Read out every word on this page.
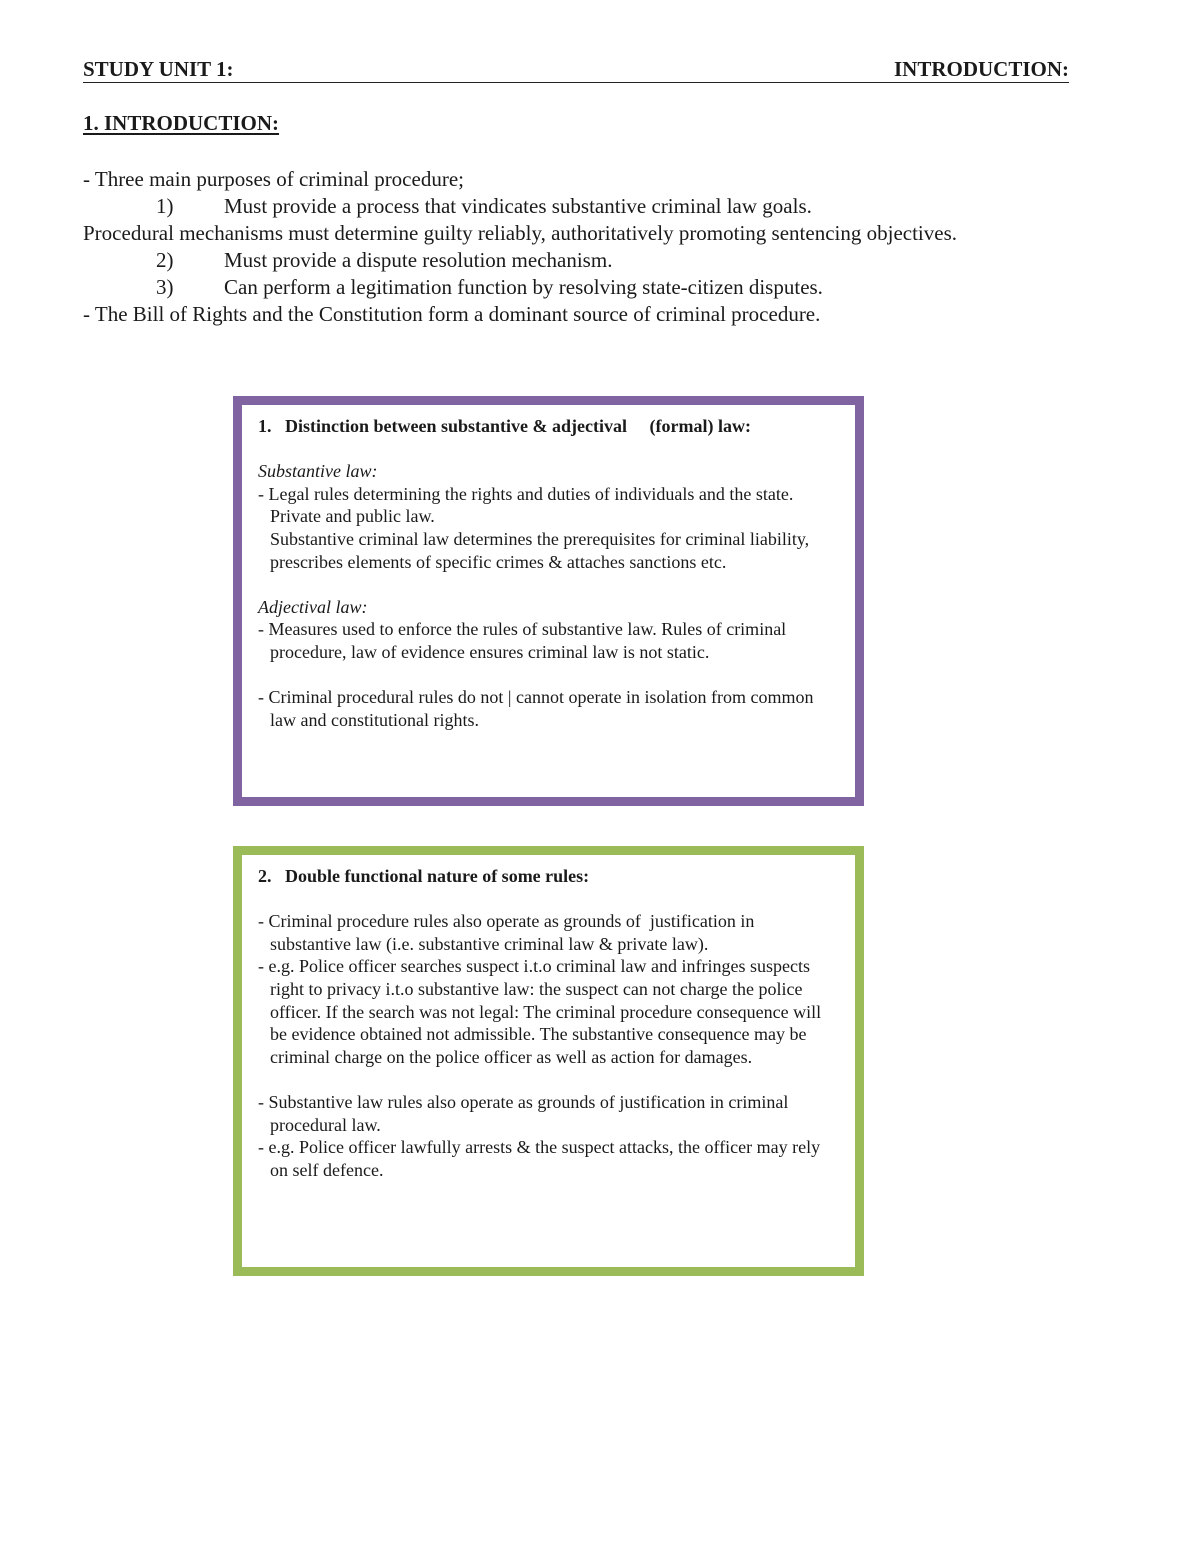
STUDY UNIT 1:	INTRODUCTION:
1. INTRODUCTION:
- Three main purposes of criminal procedure;
1) Must provide a process that vindicates substantive criminal law goals.
Procedural mechanisms must determine guilty reliably, authoritatively promoting sentencing objectives.
2) Must provide a dispute resolution mechanism.
3) Can perform a legitimation function by resolving state-citizen disputes.
- The Bill of Rights and the Constitution form a dominant source of criminal procedure.
1. Distinction between substantive & adjectival     (formal) law:
Substantive law:
- Legal rules determining the rights and duties of individuals and the state. Private and public law.
Substantive criminal law determines the prerequisites for criminal liability, prescribes elements of specific crimes & attaches sanctions etc.
Adjectival law:
- Measures used to enforce the rules of substantive law. Rules of criminal procedure, law of evidence ensures criminal law is not static.
- Criminal procedural rules do not | cannot operate in isolation from common law and constitutional rights.
2. Double functional nature of some rules:
- Criminal procedure rules also operate as grounds of  justification in substantive law (i.e. substantive criminal law & private law).
- e.g. Police officer searches suspect i.t.o criminal law and infringes suspects right to privacy i.t.o substantive law: the suspect can not charge the police officer. If the search was not legal: The criminal procedure consequence will be evidence obtained not admissible. The substantive consequence may be criminal charge on the police officer as well as action for damages.
- Substantive law rules also operate as grounds of justification in criminal procedural law.
- e.g. Police officer lawfully arrests & the suspect attacks, the officer may rely on self defence.
